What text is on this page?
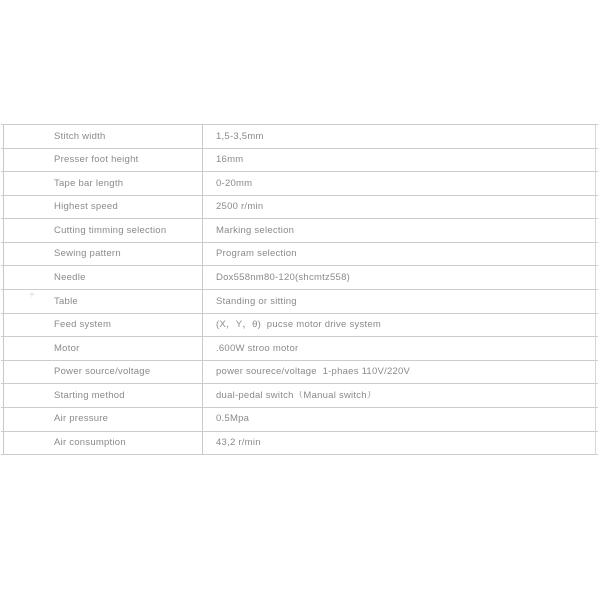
+
Stitch width	1,5-3,5mm
Presser foot height	16mm
Tape bar length	0-20mm
Highest speed	2500 r/min
Cutting timming selection	Marking selection
Sewing pattern	Program selection
Needle	Dox558nm80-120(shcmtz558)
Table	Standing or sitting
Feed system	(X，Y，θ)  pucse motor drive system
Motor	.600W stroo motor
Power source/voltage	power sourece/voltage  1-phaes 110V/220V
Starting method	dual-pedal switch（Manual switch）
Air pressure	0.5Mpa
Air consumption	43,2 r/min
